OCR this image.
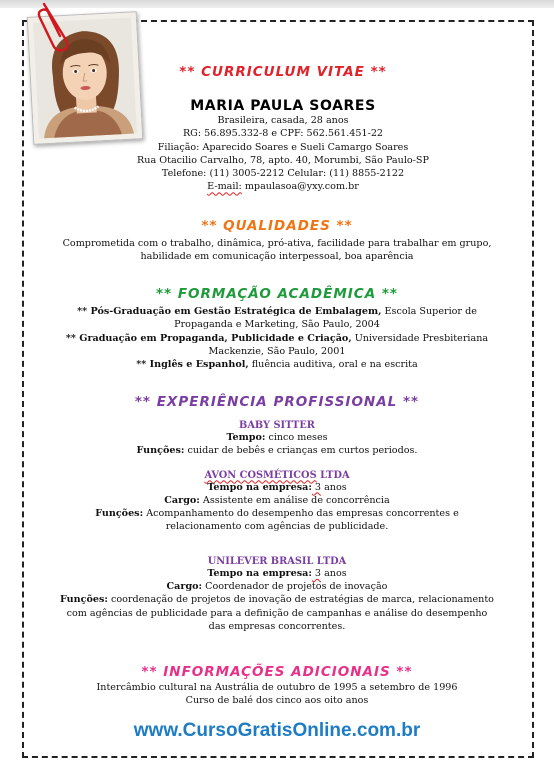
** CURRICULUM VITAE **
MARIA PAULA SOARES
Brasileira, casada, 28 anos
RG: 56.895.332-8 e CPF: 562.561.451-22
Filiação: Aparecido Soares e Sueli Camargo Soares
Rua Otacilio Carvalho, 78, apto. 40, Morumbi, São Paulo-SP
Telefone: (11) 3005-2212 Celular: (11) 8855-2122
E-mail: mpaulasoa@yxy.com.br
** QUALIDADES **
Comprometida com o trabalho, dinâmica, pró-ativa, facilidade para trabalhar em grupo,
habilidade em comunicação interpessoal, boa aparência
** FORMAÇÃO ACADÊMICA **
** Pós-Graduação em Gestão Estratégica de Embalagem, Escola Superior de
Propaganda e Marketing, São Paulo, 2004
** Graduação em Propaganda, Publicidade e Criação, Universidade Presbiteriana
Mackenzie, São Paulo, 2001
** Inglês e Espanhol, fluência auditiva, oral e na escrita
** EXPERIÊNCIA PROFISSIONAL **
BABY SITTER
Tempo: cinco meses
Funções: cuidar de bebês e crianças em curtos periodos.
AVON COSMÉTICOS LTDA
Tempo na empresa: 3 anos
Cargo: Assistente em análise de concorrência
Funções: Acompanhamento do desempenho das empresas concorrentes e
relacionamento com agências de publicidade.
UNILEVER BRASIL LTDA
Tempo na empresa: 3 anos
Cargo: Coordenador de projetos de inovação
Funções: coordenação de projetos de inovação de estratégias de marca, relacionamento
com agências de publicidade para a definição de campanhas e análise do desempenho
das empresas concorrentes.
** INFORMAÇÕES ADICIONAIS **
Intercâmbio cultural na Austrália de outubro de 1995 a setembro de 1996
Curso de balé dos cinco aos oito anos
www.CursoGratisOnline.com.br
